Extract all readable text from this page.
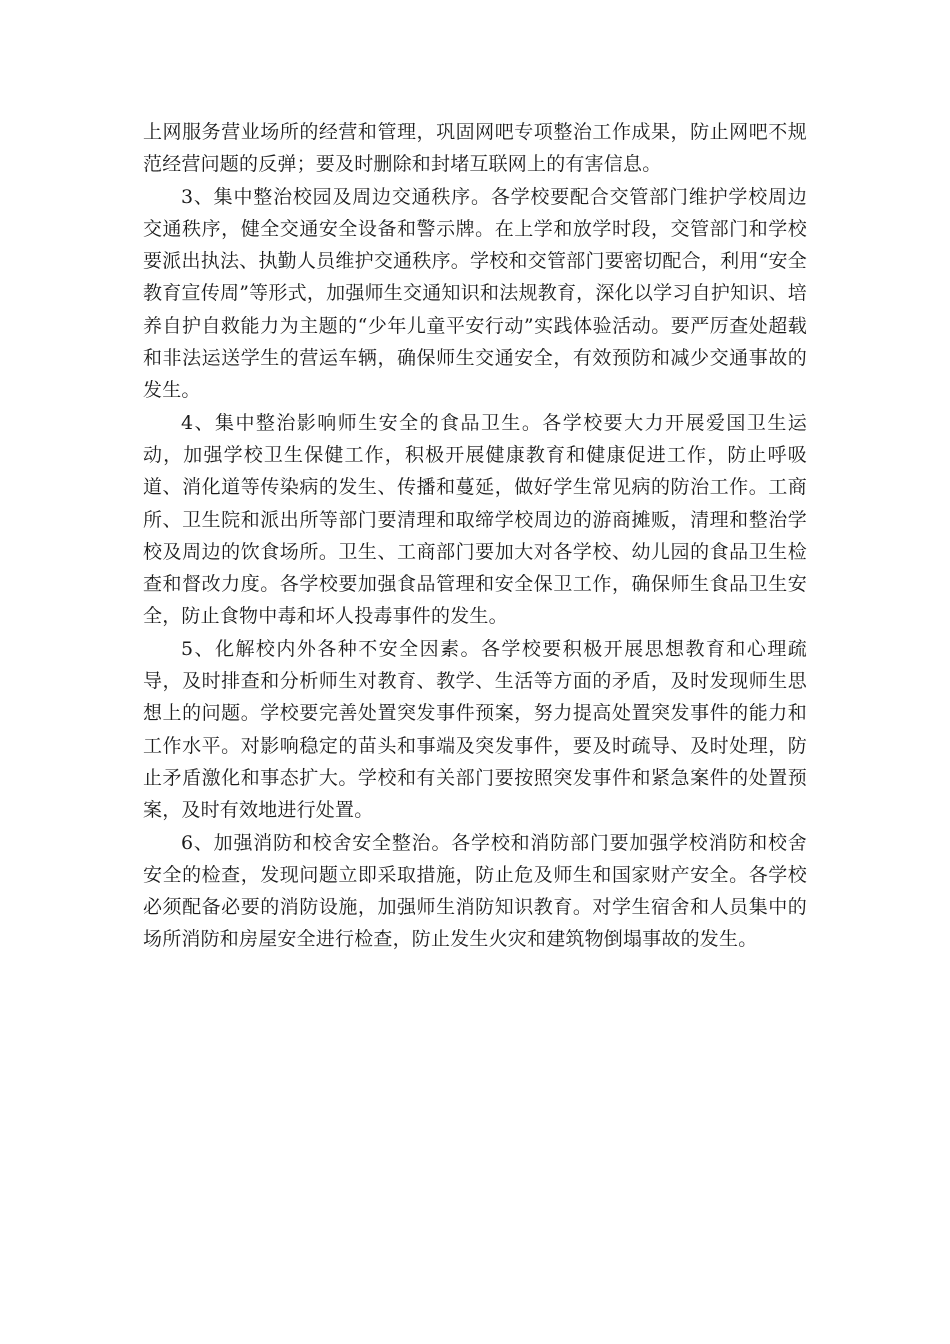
上网服务营业场所的经营和管理，巩固网吧专项整治工作成果，防止网吧不规范经营问题的反弹；要及时删除和封堵互联网上的有害信息。

3、集中整治校园及周边交通秩序。各学校要配合交管部门维护学校周边交通秩序，健全交通安全设备和警示牌。在上学和放学时段，交管部门和学校要派出执法、执勤人员维护交通秩序。学校和交管部门要密切配合，利用“安全教育宣传周”等形式，加强师生交通知识和法规教育，深化以学习自护知识、培养自护自救能力为主题的“少年儿童平安行动”实践体验活动。要严厉查处超载和非法运送学生的营运车辆，确保师生交通安全，有效预防和减少交通事故的发生。

4、集中整治影响师生安全的食品卫生。各学校要大力开展爱国卫生运动，加强学校卫生保健工作，积极开展健康教育和健康促进工作，防止呼吸道、消化道等传染病的发生、传播和蔓延，做好学生常见病的防治工作。工商所、卫生院和派出所等部门要清理和取缔学校周边的游商摊贩，清理和整治学校及周边的饮食场所。卫生、工商部门要加大对各学校、幼儿园的食品卫生检查和督改力度。各学校要加强食品管理和安全保卫工作，确保师生食品卫生安全，防止食物中毒和坏人投毒事件的发生。

5、化解校内外各种不安全因素。各学校要积极开展思想教育和心理疏导，及时排查和分析师生对教育、教学、生活等方面的矛盾，及时发现师生思想上的问题。学校要完善处置突发事件预案，努力提高处置突发事件的能力和工作水平。对影响稳定的苗头和事端及突发事件，要及时疏导、及时处理，防止矛盾激化和事态扩大。学校和有关部门要按照突发事件和紧急案件的处置预案，及时有效地进行处置。

6、加强消防和校舍安全整治。各学校和消防部门要加强学校消防和校舍安全的检查，发现问题立即采取措施，防止危及师生和国家财产安全。各学校必须配备必要的消防设施，加强师生消防知识教育。对学生宿舍和人员集中的场所消防和房屋安全进行检查，防止发生火灾和建筑物倒塌事故的发生。
